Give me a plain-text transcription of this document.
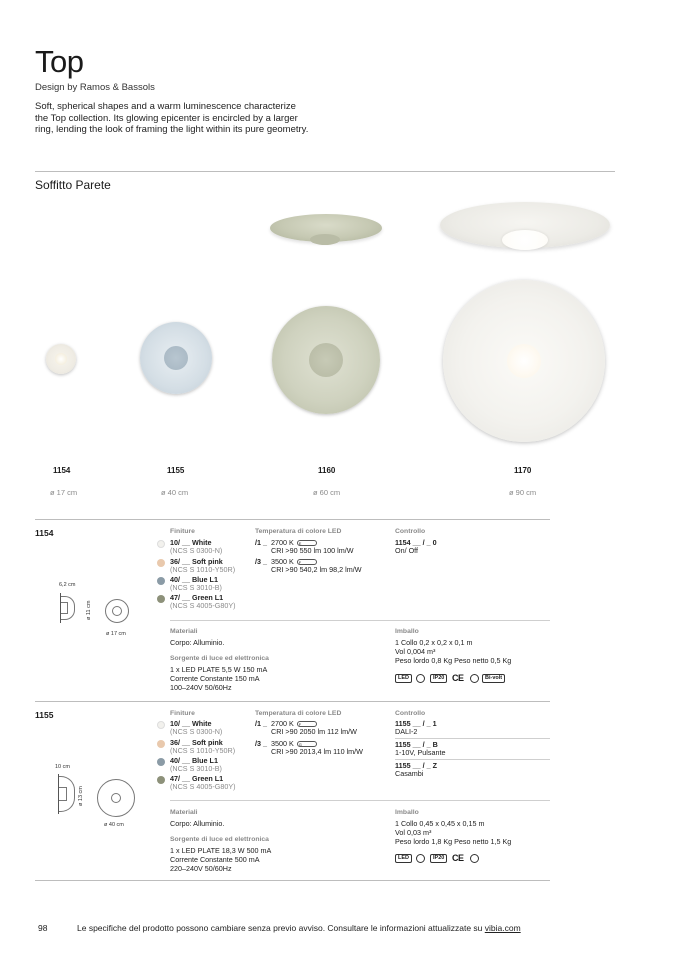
Top
Design by Ramos & Bassols
Soft, spherical shapes and a warm luminescence characterize the Top collection. Its glowing epicenter is encircled by a larger ring, lending the look of framing the light within its pure geometry.
Soffitto Parete
1154
ø 17 cm
1155
ø 40 cm
1160
ø 60 cm
1170
ø 90 cm
1154
6,2 cm
ø 11 cm
ø 17 cm
Finiture
10/ __ White
(NCS S 0300-N)
36/ __ Soft pink
(NCS S 1010-Y50R)
40/ __ Blue L1
(NCS S 3010-B)
47/ __ Green L1
(NCS S 4005-G80Y)
Temperatura di colore LED
/1 _ 2700 K E
CRI >90 550 lm 100 lm/W
/3 _ 3500 K F
CRI >90 540,2 lm 98,2 lm/W
Controllo
1154 __ / _ 0
On/ Off
Materiali
Corpo: Alluminio.
Sorgente di luce ed elettronica
1 x LED PLATE 5,5 W 150 mA
Corrente Constante 150 mA
100–240V 50/60Hz
Imballo
1 Collo 0,2 x 0,2 x 0,1 m
Vol 0,004 m³
Peso lordo 0,8 Kg Peso netto 0,5 Kg
LED	IP20 CE	Bi-volt
1155
10 cm
ø 13 cm
ø 40 cm
Finiture
10/ __ White
(NCS S 0300-N)
36/ __ Soft pink
(NCS S 1010-Y50R)
40/ __ Blue L1
(NCS S 3010-B)
47/ __ Green L1
(NCS S 4005-G80Y)
Temperatura di colore LED
/1 _ 2700 K F
CRI >90 2050 lm 112 lm/W
/3 _ 3500 K G
CRI >90 2013,4 lm 110 lm/W
Controllo
1155 __ / _ 1
DALI-2
1155 __ / _ B
1-10V, Pulsante
1155 __ / _ Z
Casambi
Materiali
Corpo: Alluminio.
Sorgente di luce ed elettronica
1 x LED PLATE 18,3 W 500 mA
Corrente Constante 500 mA
220–240V 50/60Hz
Imballo
1 Collo 0,45 x 0,45 x 0,15 m
Vol 0,03 m³
Peso lordo 1,8 Kg Peso netto 1,5 Kg
LED	IP20 CE
98	Le specifiche del prodotto possono cambiare senza previo avviso. Consultare le informazioni attualizzate su vibia.com
